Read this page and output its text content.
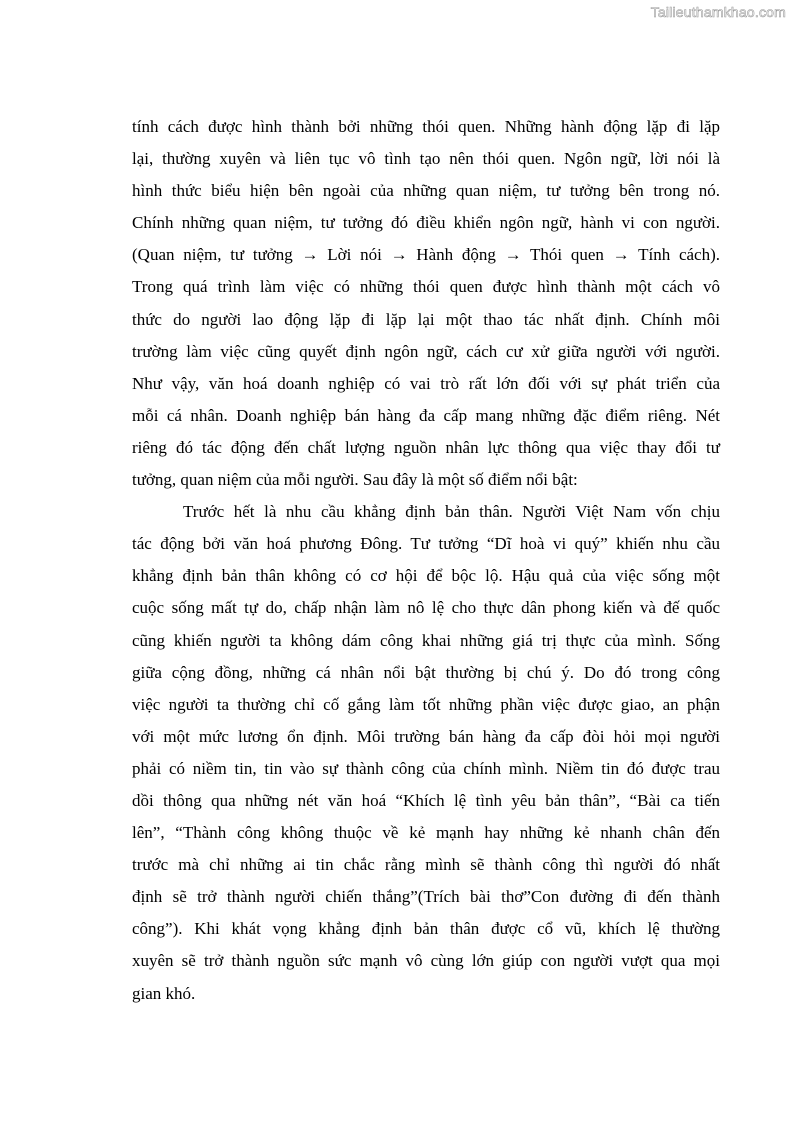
Tailieuthamkhao.com
tính cách được hình thành bởi những thói quen. Những hành động lặp đi lặp
lại, thường xuyên và liên tục vô tình tạo nên thói quen. Ngôn ngữ, lời nói là
hình thức biểu hiện bên ngoài của những quan niệm, tư tưởng bên trong nó.
Chính những quan niệm, tư tưởng đó điều khiển ngôn ngữ, hành vi con người.
(Quan niệm, tư tưởng → Lời nói → Hành động → Thói quen → Tính cách).
Trong quá trình làm việc có những thói quen được hình thành một cách vô
thức do người lao động lặp đi lặp lại một thao tác nhất định. Chính môi
trường làm việc cũng quyết định ngôn ngữ, cách cư xử giữa người với người.
Như vậy, văn hoá doanh nghiệp có vai trò rất lớn đối với sự phát triển của
mỗi cá nhân. Doanh nghiệp bán hàng đa cấp mang những đặc điểm riêng. Nét
riêng đó tác động đến chất lượng nguồn nhân lực thông qua việc thay đổi tư
tưởng, quan niệm của mỗi người. Sau đây là một số điểm nổi bật:
Trước hết là nhu cầu khẳng định bản thân. Người Việt Nam vốn chịu
tác động bởi văn hoá phương Đông. Tư tưởng “Dĩ hoà vi quý” khiến nhu cầu
khẳng định bản thân không có cơ hội để bộc lộ. Hậu quả của việc sống một
cuộc sống mất tự do, chấp nhận làm nô lệ cho thực dân phong kiến và đế quốc
cũng khiến người ta không dám công khai những giá trị thực của mình. Sống
giữa cộng đồng, những cá nhân nổi bật thường bị chú ý. Do đó trong công
việc người ta thường chỉ cố gắng làm tốt những phần việc được giao, an phận
với một mức lương ổn định. Môi trường bán hàng đa cấp đòi hỏi mọi người
phải có niềm tin, tin vào sự thành công của chính mình. Niềm tin đó được trau
dồi thông qua những nét văn hoá “Khích lệ tình yêu bản thân”, “Bài ca tiến
lên”, “Thành công không thuộc về kẻ mạnh hay những kẻ nhanh chân đến
trước mà chỉ những ai tin chắc rằng mình sẽ thành công thì người đó nhất
định sẽ trở thành người chiến thắng”(Trích bài thơ”Con đường đi đến thành
công”). Khi khát vọng khẳng định bản thân được cổ vũ, khích lệ thường
xuyên sẽ trở thành nguồn sức mạnh vô cùng lớn giúp con người vượt qua mọi
gian khó.
